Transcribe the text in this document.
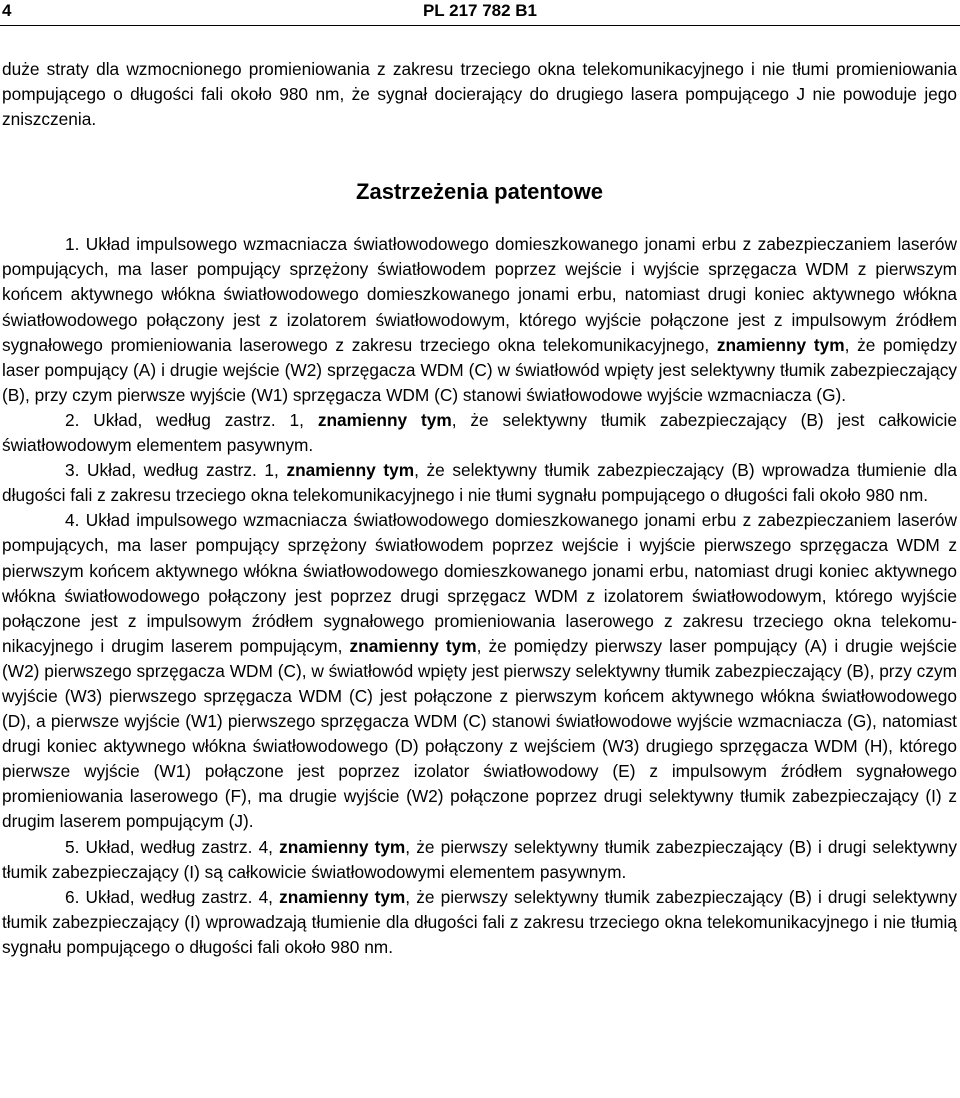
PL 217 782 B1
4

duże straty dla wzmocnionego promieniowania z zakresu trzeciego okna telekomunikacyjnego i nie tłumi promieniowania pompującego o długości fali około 980 nm, że sygnał docierający do drugiego lasera pompującego J nie powoduje jego zniszczenia.

Zastrzeżenia patentowe

1. Układ impulsowego wzmacniacza światłowodowego domieszkowanego jonami erbu z zabezpieczaniem laserów pompujących, ma laser pompujący sprzężony światłowodem poprzez wejście i wyjście sprzęgacza WDM z pierwszym końcem aktywnego włókna światłowodowego domieszkowanego jonami erbu, natomiast drugi koniec aktywnego włókna światłowodowego połączony jest z izolatorem światłowodowym, którego wyjście połączone jest z impulsowym źródłem sygnałowego promieniowania laserowego z zakresu trzeciego okna telekomunikacyjnego, znamienny tym, że pomiędzy laser pompujący (A) i drugie wejście (W2) sprzęgacza WDM (C) w światłowód wpięty jest selektywny tłumik zabezpieczający (B), przy czym pierwsze wyjście (W1) sprzęgacza WDM (C) stanowi światłowodowe wyjście wzmacniacza (G).

2. Układ, według zastrz. 1, znamienny tym, że selektywny tłumik zabezpieczający (B) jest całkowicie światłowodowym elementem pasywnym.

3. Układ, według zastrz. 1, znamienny tym, że selektywny tłumik zabezpieczający (B) wprowadza tłumienie dla długości fali z zakresu trzeciego okna telekomunikacyjnego i nie tłumi sygnału pompującego o długości fali około 980 nm.

4. Układ impulsowego wzmacniacza światłowodowego domieszkowanego jonami erbu z zabezpieczaniem laserów pompujących, ma laser pompujący sprzężony światłowodem poprzez wejście i wyjście pierwszego sprzęgacza WDM z pierwszym końcem aktywnego włókna światłowodowego domieszkowanego jonami erbu, natomiast drugi koniec aktywnego włókna światłowodowego połączony jest poprzez drugi sprzęgacz WDM z izolatorem światłowodowym, którego wyjście połączone jest z impulsowym źródłem sygnałowego promieniowania laserowego z zakresu trzeciego okna telekomunikacyjnego i drugim laserem pompującym, znamienny tym, że pomiędzy pierwszy laser pompujący (A) i drugie wejście (W2) pierwszego sprzęgacza WDM (C), w światłowód wpięty jest pierwszy selektywny tłumik zabezpieczający (B), przy czym wyjście (W3) pierwszego sprzęgacza WDM (C) jest połączone z pierwszym końcem aktywnego włókna światłowodowego (D), a pierwsze wyjście (W1) pierwszego sprzęgacza WDM (C) stanowi światłowodowe wyjście wzmacniacza (G), natomiast drugi koniec aktywnego włókna światłowodowego (D) połączony z wejściem (W3) drugiego sprzęgacza WDM (H), którego pierwsze wyjście (W1) połączone jest poprzez izolator światłowodowy (E) z impulsowym źródłem sygnałowego promieniowania laserowego (F), ma drugie wyjście (W2) połączone poprzez drugi selektywny tłumik zabezpieczający (I) z drugim laserem pompującym (J).

5. Układ, według zastrz. 4, znamienny tym, że pierwszy selektywny tłumik zabezpieczający (B) i drugi selektywny tłumik zabezpieczający (I) są całkowicie światłowodowymi elementem pasywnym.

6. Układ, według zastrz. 4, znamienny tym, że pierwszy selektywny tłumik zabezpieczający (B) i drugi selektywny tłumik zabezpieczający (I) wprowadzają tłumienie dla długości fali z zakresu trzeciego okna telekomunikacyjnego i nie tłumią sygnału pompującego o długości fali około 980 nm.
